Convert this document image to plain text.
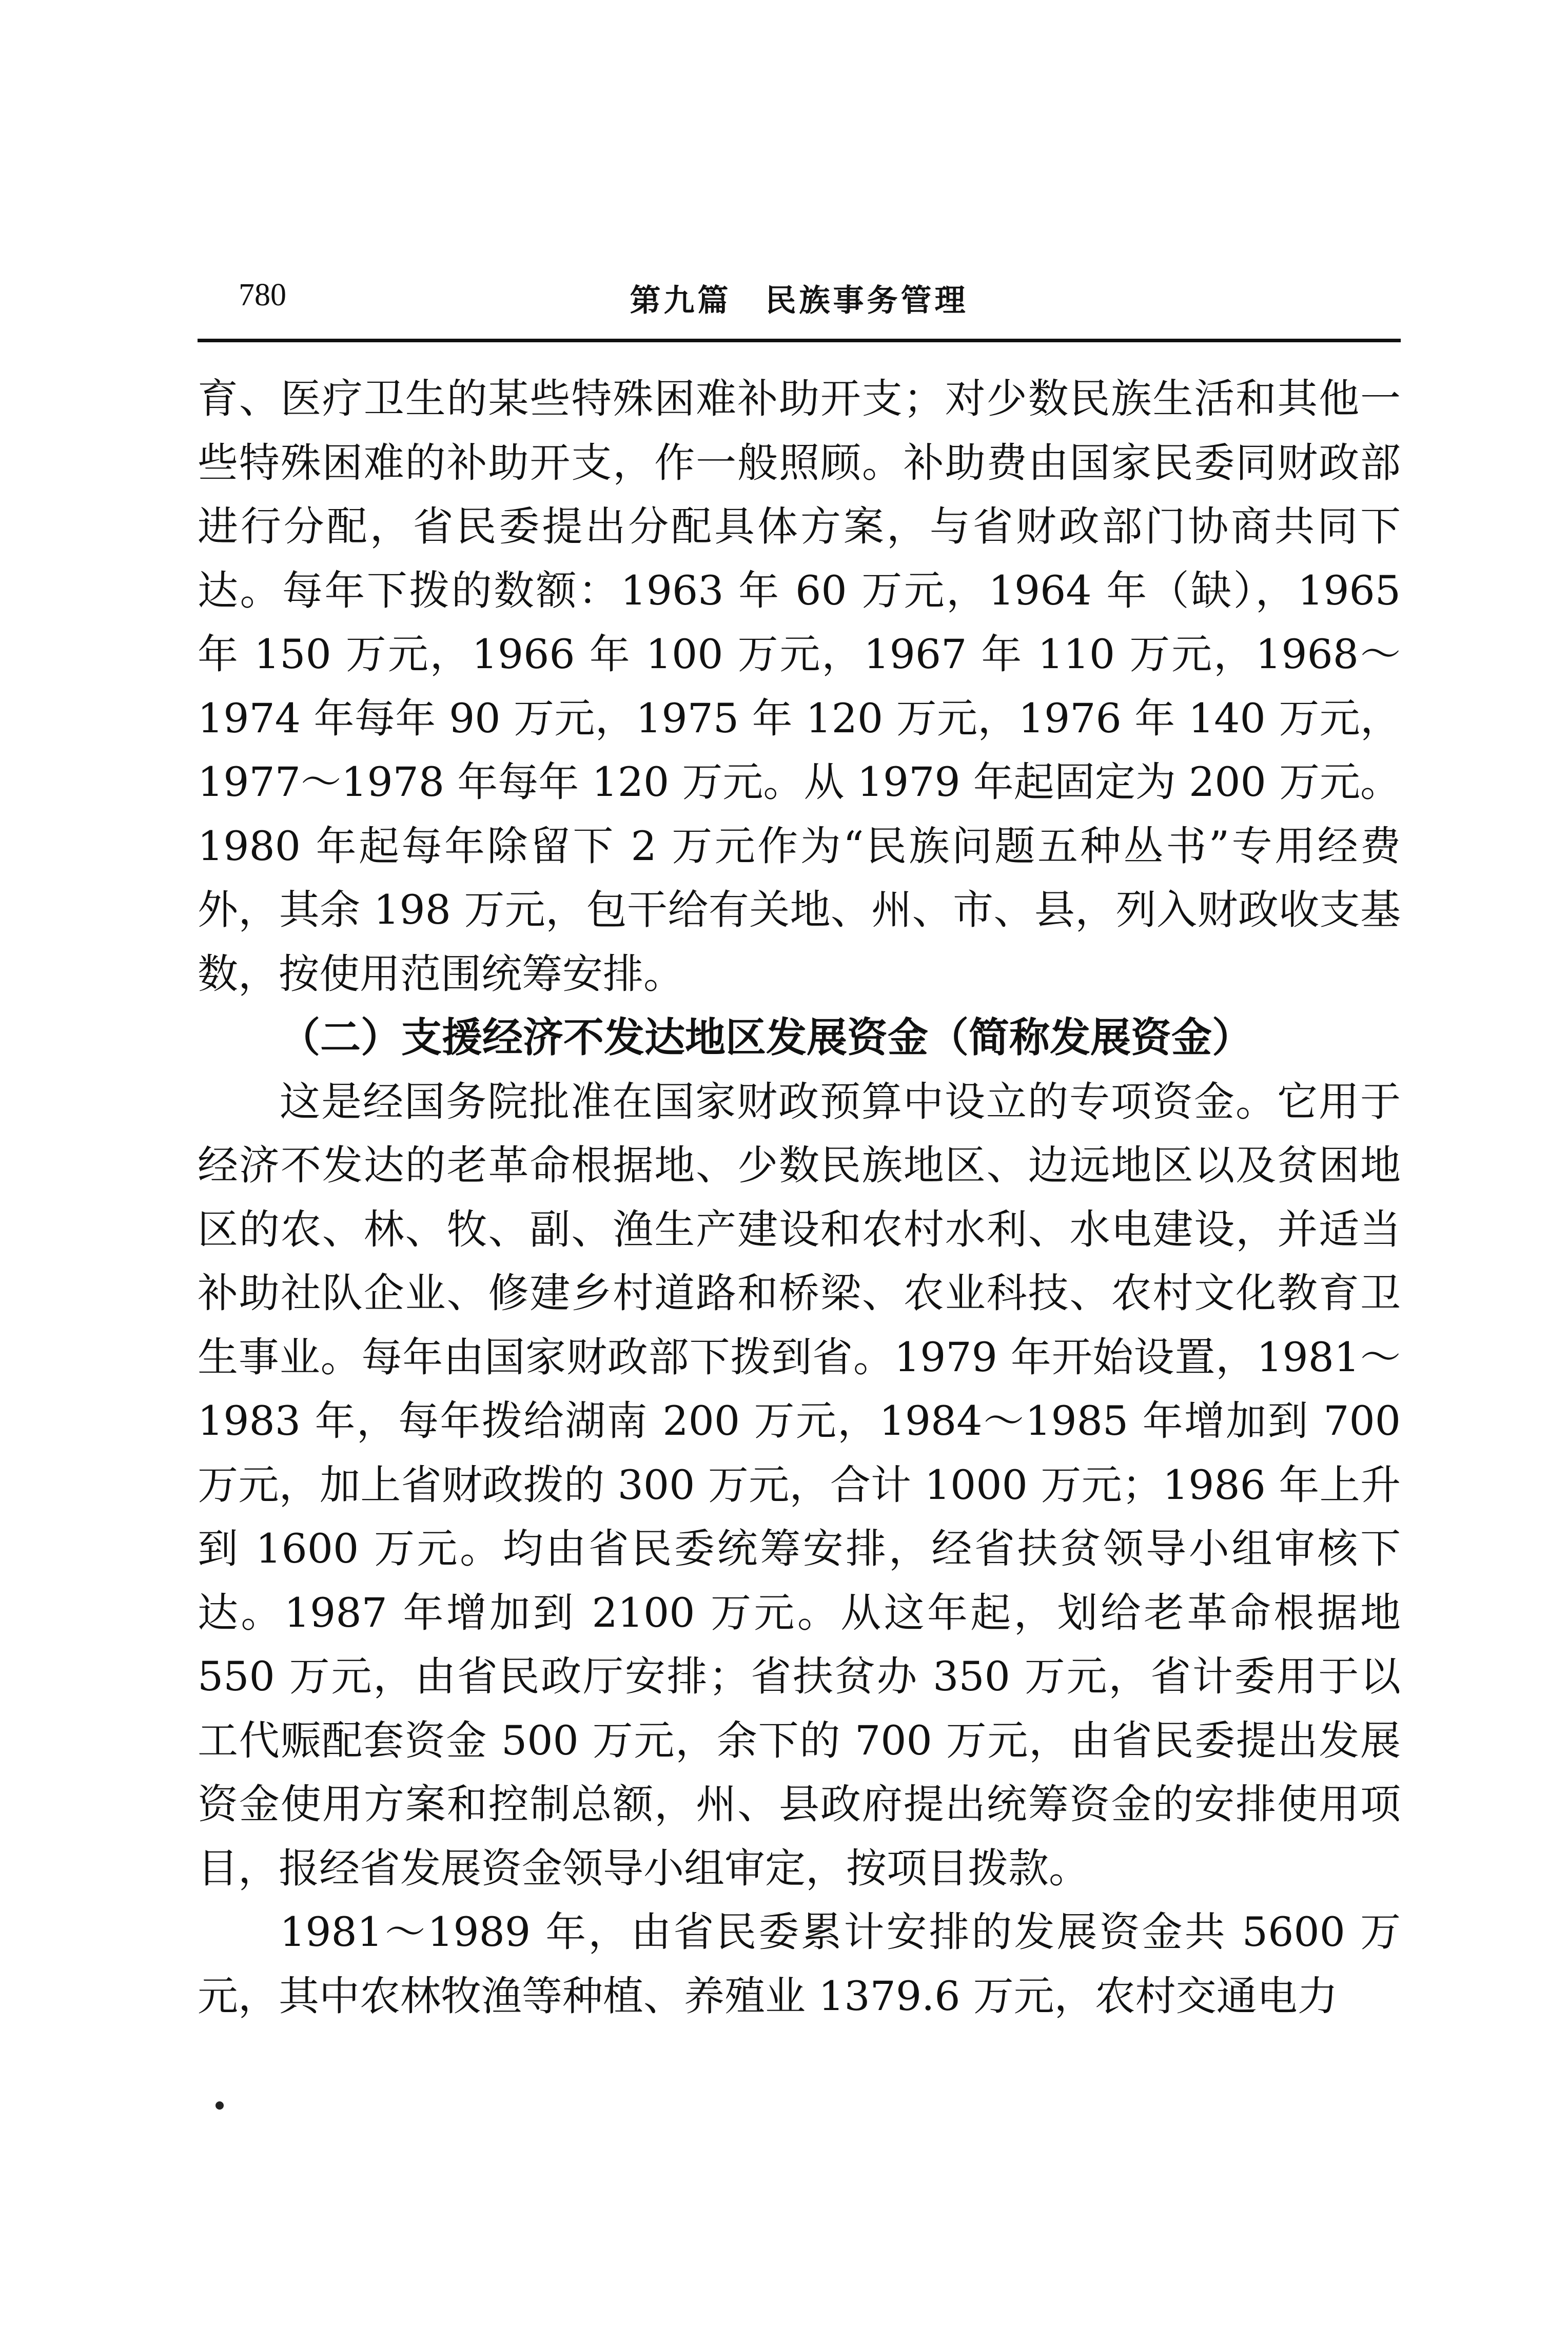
780	第九篇　民族事务管理

育、医疗卫生的某些特殊困难补助开支；对少数民族生活和其他一些特殊困难的补助开支，作一般照顾。补助费由国家民委同财政部进行分配，省民委提出分配具体方案，与省财政部门协商共同下达。每年下拨的数额：1963 年 60 万元，1964 年（缺），1965 年 150 万元，1966 年 100 万元，1967 年 110 万元，1968～1974 年每年 90 万元，1975 年 120 万元，1976 年 140 万元，1977～1978 年每年 120 万元。从 1979 年起固定为 200 万元。1980 年起每年除留下 2 万元作为“民族问题五种丛书”专用经费外，其余 198 万元，包干给有关地、州、市、县，列入财政收支基数，按使用范围统筹安排。

（二）支援经济不发达地区发展资金（简称发展资金）

这是经国务院批准在国家财政预算中设立的专项资金。它用于经济不发达的老革命根据地、少数民族地区、边远地区以及贫困地区的农、林、牧、副、渔生产建设和农村水利、水电建设，并适当补助社队企业、修建乡村道路和桥梁、农业科技、农村文化教育卫生事业。每年由国家财政部下拨到省。1979 年开始设置，1981～1983 年，每年拨给湖南 200 万元，1984～1985 年增加到 700 万元，加上省财政拨的 300 万元，合计 1000 万元；1986 年上升到 1600 万元。均由省民委统筹安排，经省扶贫领导小组审核下达。1987 年增加到 2100 万元。从这年起，划给老革命根据地 550 万元，由省民政厅安排；省扶贫办 350 万元，省计委用于以工代赈配套资金 500 万元，余下的 700 万元，由省民委提出发展资金使用方案和控制总额，州、县政府提出统筹资金的安排使用项目，报经省发展资金领导小组审定，按项目拨款。

1981～1989 年，由省民委累计安排的发展资金共 5600 万元，其中农林牧渔等种植、养殖业 1379.6 万元，农村交通电力
